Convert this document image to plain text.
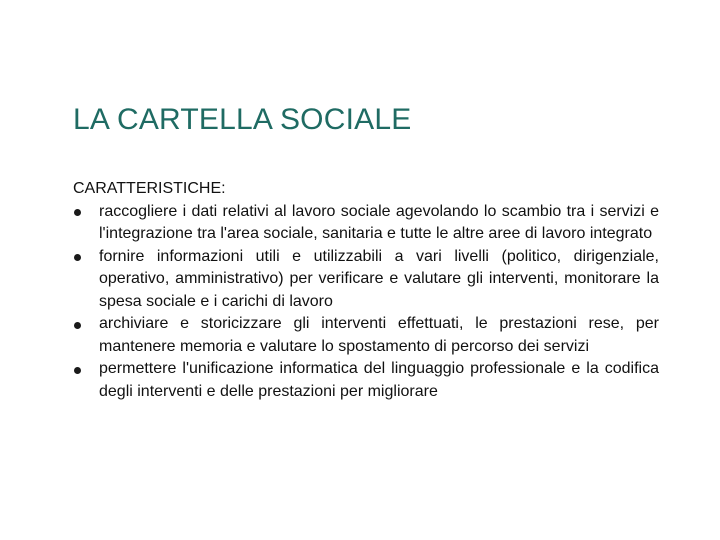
LA CARTELLA SOCIALE
CARATTERISTICHE:
raccogliere i dati relativi al lavoro sociale agevolando lo scambio tra i servizi e l'integrazione tra l'area sociale, sanitaria e tutte le altre aree di lavoro integrato
fornire informazioni utili e utilizzabili a vari livelli (politico, dirigenziale, operativo, amministrativo) per verificare e valutare gli interventi, monitorare la spesa sociale e i carichi di lavoro
archiviare e storicizzare gli interventi effettuati, le prestazioni rese, per mantenere memoria e valutare lo spostamento di percorso dei servizi
permettere l'unificazione informatica del linguaggio professionale e la codifica degli interventi e delle prestazioni per migliorare
